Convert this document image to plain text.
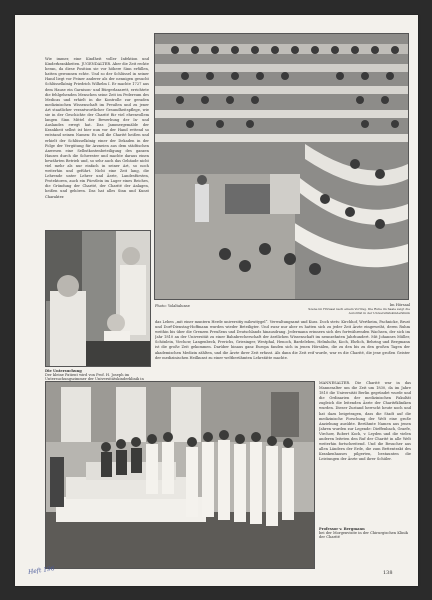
Wie immer, eine Kindheit voller Infektion und Kinderkrankheiten. JUGENDALTER. Aber die Zeit reckte heran, da diese Position sie vor höhere Sinn erfüllen, hatten gewonnen echte. Und so der Schlüssel in seiner Hand liegt vor Feiner anderer als der nennigen gesucht Schlüsselkönig Friedrich Wilhelm I. Er machte 1727 aus dem Hause ein Garnison- und Bürgerlazarett, errichtete die fehlgehenden Menschen seine Zeit im Pedereum des Medicas und erhielt in die Kontrolle zur geraden medizinischen Wissenschaft im Preußen und zu jener Art staatlicher verantwortlicher Gesundheitspflege, wie sie in der Geschichte der Charité für viel ehrenvollem langen Sinn Mittel der Bewerbung der In- und Auslandes erregt hat. Das Jammergemälde der Krankheit selbst ist hier nun vor der Hand rettend so entstand seinen Namen: Es soll die Charité heißen und erhielt der Schlüsselkönig einer der Dekaden in der Folge der Vergütung für Arzneien aus dem städtischen Anwesen eine Selbstkostenbeteiligung des ganzen Hauses durch die Schwester und machte daraus einen bewährten Betrieb und, so sehr auch das Gebäude nicht viel mehr als nur einfach in seiner Art, so noch weiterhin und geführt. Nicht eine Zeit lang, die Lehrende unter Lehrer und Ärzte, Landesfürsten, Protektoren, auch ein Fürstlein im Lager eines Reiches, die Gründung der Charité, der Charité der Anlagen, heißen und gehören. Das hat alles Sinn und Kunst Charakter.
Die Untersuchung
Der kleine Patient wird von Prof. H. Joseph im Untersuchungszimmer der Universitätskinderklinik in
Photo: Yolaltalunse	Im Hörsaal
Szene im Hörsaal nach einem Vortrag. Die Ruhe im Saale zeigt die Autorität in der Universitätskinderklinik
das Leben „mit einer muntern Herde universitiy milowitygel“. Verwaltungsamt und Kuss. Doch stets: Kirchhof, Wertheim, Pachnicke, Brust und Dorf-Dienstag-Hoffmann wurden wieder Beteiligter. Und zwar nur aber es hatten sich zu jeder Zeit Ärzte eingeweiht, deren Ruhm weithin bis über die Grenzen Preußens und Deutschlands hinausdrang. Jedermann erinnern sich des fortwährenden Wachsen, der sich im Jahr 1810 an der Universität zu einer Bahnbrecherschaft der ärztlichen Wissenschaft im neunzehnten Jahrhundert. Mit Johannes Müller, Schönlein, Virchow, Langenbeck, Frerichs, Griesinger, Westphal, Henoch, Bardeleben, Helmholtz, Koch, Ehrlich, Behring und Bergmann ist die große Zeit gekommen. Darüber hinaus ganz Europa fanden sich in jenen Hörsälen, die zu den bis zu den großen Tagen der akademischen Medizin zählten, und die Ärzte ihrer Zeit erfasst. Als dann die Zeit reif wurde, war es die Charité, die jene großen Geister der medizinischen Heilkunst zu einer weltberühmten Lehrstätte machte.
MANNESALTER. Die Charité war in das Mannesalter um die Zeit um 1830, da im Jahre 1810 die Universität Berlin gegründet wurde und die Ordinarien der medizinischen Fakultät zugleich die leitenden Ärzte der Charitékliniken wurden. Dieser Zustand herrscht heute noch und hat dazu beigetragen, dass die Stadt auf die medizinische Forschung der Welt eine große Anziehung ausübte. Berühmte Namen aus jenen Jahren wurden zur Legende: Dieffenbach, Graefe, Virchow, Robert Koch, v. Leyden und die vielen anderen leiteten den Ruf der Charité in alle Welt weiterhin fortschreitend. Und die Besucher aus allen Ländern der Erde, die zum Bettentrakt des Krankenhauses pilgerten, bestaunten die Leistungen der Ärzte und ihrer Schüler.
Professor v. Bergmann
bei der Morgenvisite in der Chirurgischen Klinik der Charité
138
Heft 196
